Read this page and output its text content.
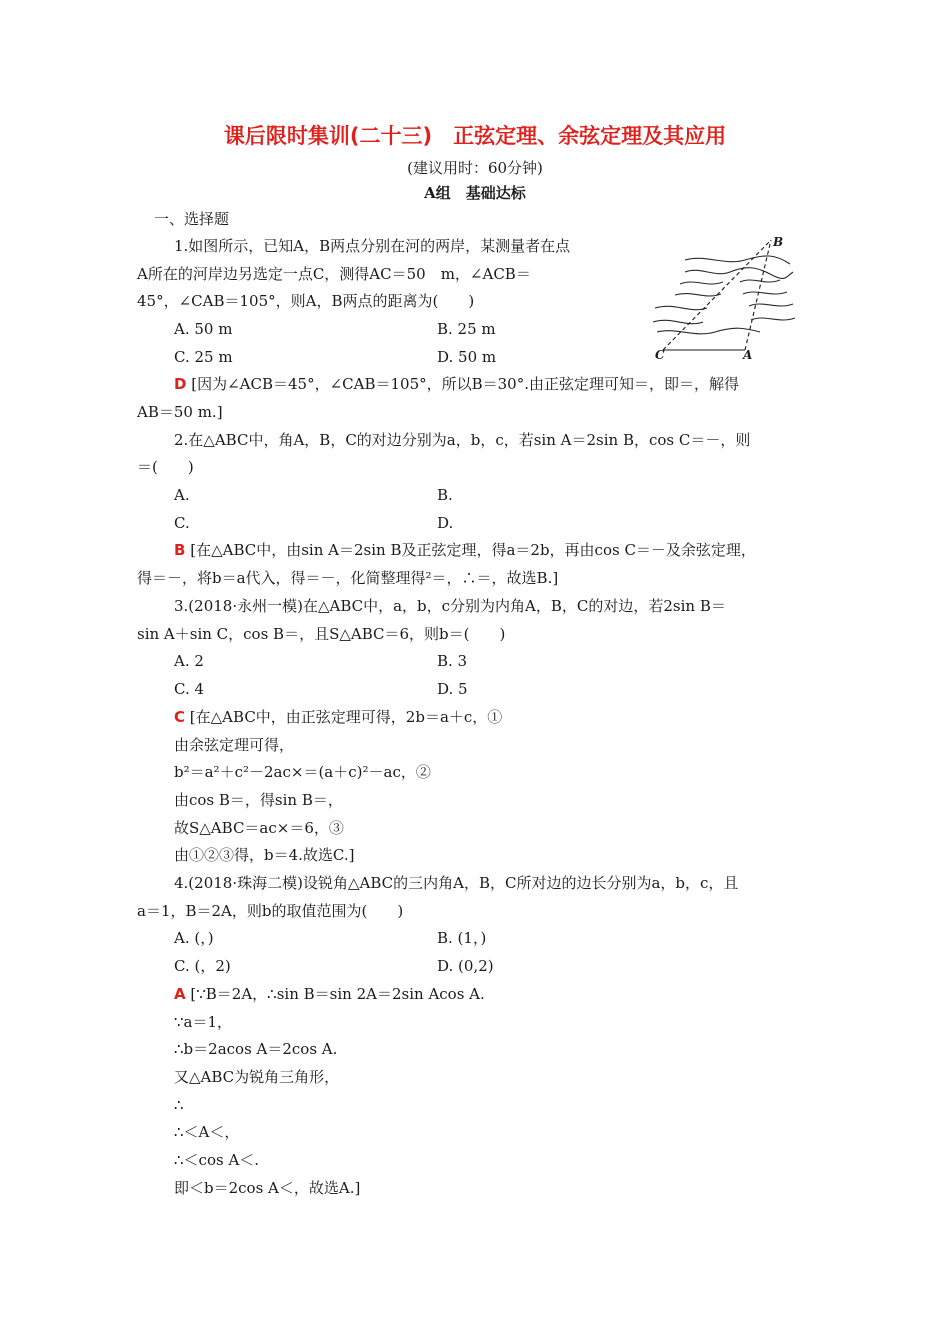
课后限时集训(二十三)　正弦定理、余弦定理及其应用
(建议用时：60分钟)
A组　基础达标
一、选择题
1.如图所示，已知A，B两点分别在河的两岸，某测量者在点
A所在的河岸边另选定一点C，测得AC＝50　m，∠ACB＝
45°，∠CAB＝105°，则A，B两点的距离为(　　)
A. 50 m	B. 25 m
C. 25 m	D. 50 m
B
C	A
D [因为∠ACB＝45°，∠CAB＝105°，所以B＝30°.由正弦定理可知＝，即＝，解得
AB＝50 m.]
2.在△ABC中，角A，B，C的对边分别为a，b，c，若sin A＝2sin B，cos C＝－，则
＝(　　)
A.	B.
C.	D.
B [在△ABC中，由sin A＝2sin B及正弦定理，得a＝2b，再由cos C＝－及余弦定理，
得＝－，将b＝a代入，得＝－，化简整理得²＝，∴＝，故选B.]
3.(2018·永州一模)在△ABC中，a，b，c分别为内角A，B，C的对边，若2sin B＝
sin A＋sin C，cos B＝，且S△ABC＝6，则b＝(　　)
A. 2	B. 3
C. 4	D. 5
C [在△ABC中，由正弦定理可得，2b＝a＋c，①
由余弦定理可得，
b²＝a²＋c²－2ac×＝(a＋c)²－ac，②
由cos B＝，得sin B＝，
故S△ABC＝ac×＝6，③
由①②③得，b＝4.故选C.]
4.(2018·珠海二模)设锐角△ABC的三内角A，B，C所对边的边长分别为a，b，c，且
a＝1，B＝2A，则b的取值范围为(　　)
A. (，)	B. (1，)
C. (，2)	D. (0,2)
A [∵B＝2A，∴sin B＝sin 2A＝2sin Acos A.
∵a＝1，
∴b＝2acos A＝2cos A.
又△ABC为锐角三角形，
∴
∴＜A＜，
∴＜cos A＜.
即＜b＝2cos A＜，故选A.]
